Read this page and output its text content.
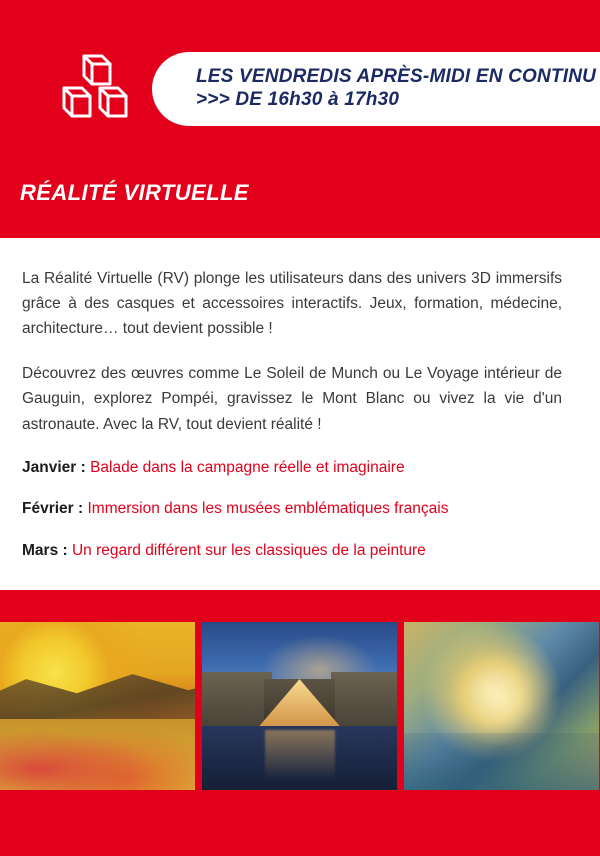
LES VENDREDIS APRÈS-MIDI EN CONTINU
>>> DE 16h30 à 17h30
RÉALITÉ VIRTUELLE

La Réalité Virtuelle (RV) plonge les utilisateurs dans des univers 3D immersifs grâce à des casques et accessoires interactifs. Jeux, formation, médecine, architecture… tout devient possible !

Découvrez des œuvres comme Le Soleil de Munch ou Le Voyage intérieur de Gauguin, explorez Pompéi, gravissez le Mont Blanc ou vivez la vie d'un astronaute. Avec la RV, tout devient réalité !

Janvier : Balade dans la campagne réelle et imaginaire

Février : Immersion dans les musées emblématiques français

Mars : Un regard différent sur les classiques de la peinture
